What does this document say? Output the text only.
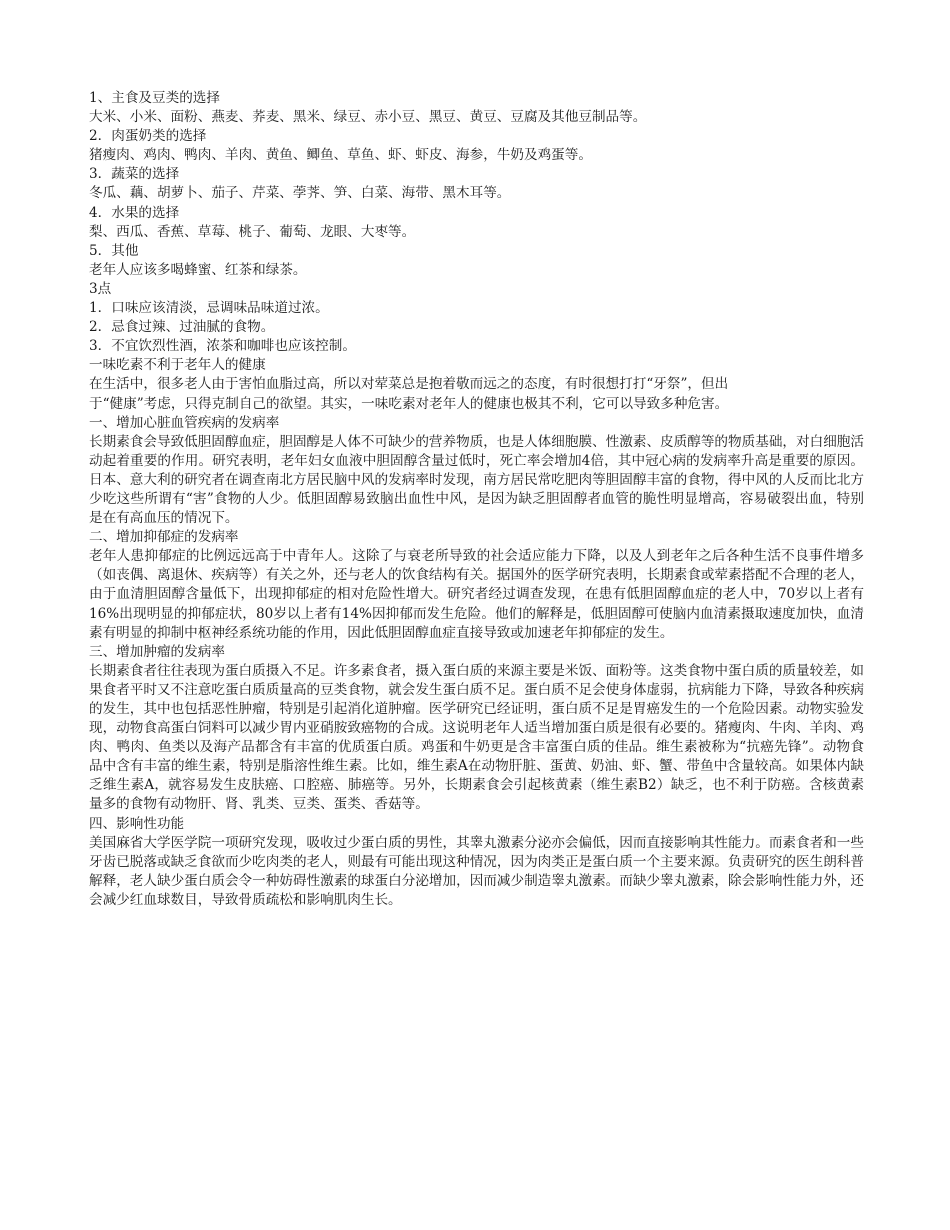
1、主食及豆类的选择

大米、小米、面粉、燕麦、荞麦、黑米、绿豆、赤小豆、黑豆、黄豆、豆腐及其他豆制品等。

2．肉蛋奶类的选择

猪瘦肉、鸡肉、鸭肉、羊肉、黄鱼、鲫鱼、草鱼、虾、虾皮、海参，牛奶及鸡蛋等。

3．蔬菜的选择

冬瓜、藕、胡萝卜、茄子、芹菜、荸荠、笋、白菜、海带、黑木耳等。

4．水果的选择

梨、西瓜、香蕉、草莓、桃子、葡萄、龙眼、大枣等。

5．其他

老年人应该多喝蜂蜜、红茶和绿茶。

3点

1．口味应该清淡，忌调味品味道过浓。

2．忌食过辣、过油腻的食物。

3．不宜饮烈性酒，浓茶和咖啡也应该控制。

一味吃素不利于老年人的健康

在生活中，很多老人由于害怕血脂过高，所以对荤菜总是抱着敬而远之的态度，有时很想打打“牙祭”，但出

于“健康”考虑，只得克制自己的欲望。其实，一味吃素对老年人的健康也极其不利，它可以导致多种危害。

一、增加心脏血管疾病的发病率

长期素食会导致低胆固醇血症，胆固醇是人体不可缺少的营养物质，也是人体细胞膜、性激素、皮质醇等的物质基础，对白细胞活动起着重要的作用。研究表明，老年妇女血液中胆固醇含量过低时，死亡率会增加4倍，其中冠心病的发病率升高是重要的原因。日本、意大利的研究者在调查南北方居民脑中风的发病率时发现，南方居民常吃肥肉等胆固醇丰富的食物，得中风的人反而比北方少吃这些所谓有“害”食物的人少。低胆固醇易致脑出血性中风，是因为缺乏胆固醇者血管的脆性明显增高，容易破裂出血，特别是在有高血压的情况下。

二、增加抑郁症的发病率

老年人患抑郁症的比例远远高于中青年人。这除了与衰老所导致的社会适应能力下降，以及人到老年之后各种生活不良事件增多（如丧偶、离退休、疾病等）有关之外，还与老人的饮食结构有关。据国外的医学研究表明，长期素食或荤素搭配不合理的老人，由于血清胆固醇含量低下，出现抑郁症的相对危险性增大。研究者经过调查发现，在患有低胆固醇血症的老人中，70岁以上者有16%出现明显的抑郁症状，80岁以上者有14%因抑郁而发生危险。他们的解释是，低胆固醇可使脑内血清素摄取速度加快，血清素有明显的抑制中枢神经系统功能的作用，因此低胆固醇血症直接导致或加速老年抑郁症的发生。

三、增加肿瘤的发病率

长期素食者往往表现为蛋白质摄入不足。许多素食者，摄入蛋白质的来源主要是米饭、面粉等。这类食物中蛋白质的质量较差，如果食者平时又不注意吃蛋白质质量高的豆类食物，就会发生蛋白质不足。蛋白质不足会使身体虚弱，抗病能力下降，导致各种疾病的发生，其中也包括恶性肿瘤，特别是引起消化道肿瘤。医学研究已经证明，蛋白质不足是胃癌发生的一个危险因素。动物实验发现，动物食高蛋白饲料可以减少胃内亚硝胺致癌物的合成。这说明老年人适当增加蛋白质是很有必要的。猪瘦肉、牛肉、羊肉、鸡肉、鸭肉、鱼类以及海产品都含有丰富的优质蛋白质。鸡蛋和牛奶更是含丰富蛋白质的佳品。维生素被称为“抗癌先锋”。动物食品中含有丰富的维生素，特别是脂溶性维生素。比如，维生素A在动物肝脏、蛋黄、奶油、虾、蟹、带鱼中含量较高。如果体内缺乏维生素A，就容易发生皮肤癌、口腔癌、肺癌等。另外，长期素食会引起核黄素（维生素B2）缺乏，也不利于防癌。含核黄素量多的食物有动物肝、肾、乳类、豆类、蛋类、香菇等。

四、影响性功能

美国麻省大学医学院一项研究发现，吸收过少蛋白质的男性，其睾丸激素分泌亦会偏低，因而直接影响其性能力。而素食者和一些牙齿已脱落或缺乏食欲而少吃肉类的老人，则最有可能出现这种情况，因为肉类正是蛋白质一个主要来源。负责研究的医生朗科普解释，老人缺少蛋白质会令一种妨碍性激素的球蛋白分泌增加，因而减少制造睾丸激素。而缺少睾丸激素，除会影响性能力外，还会减少红血球数目，导致骨质疏松和影响肌肉生长。
